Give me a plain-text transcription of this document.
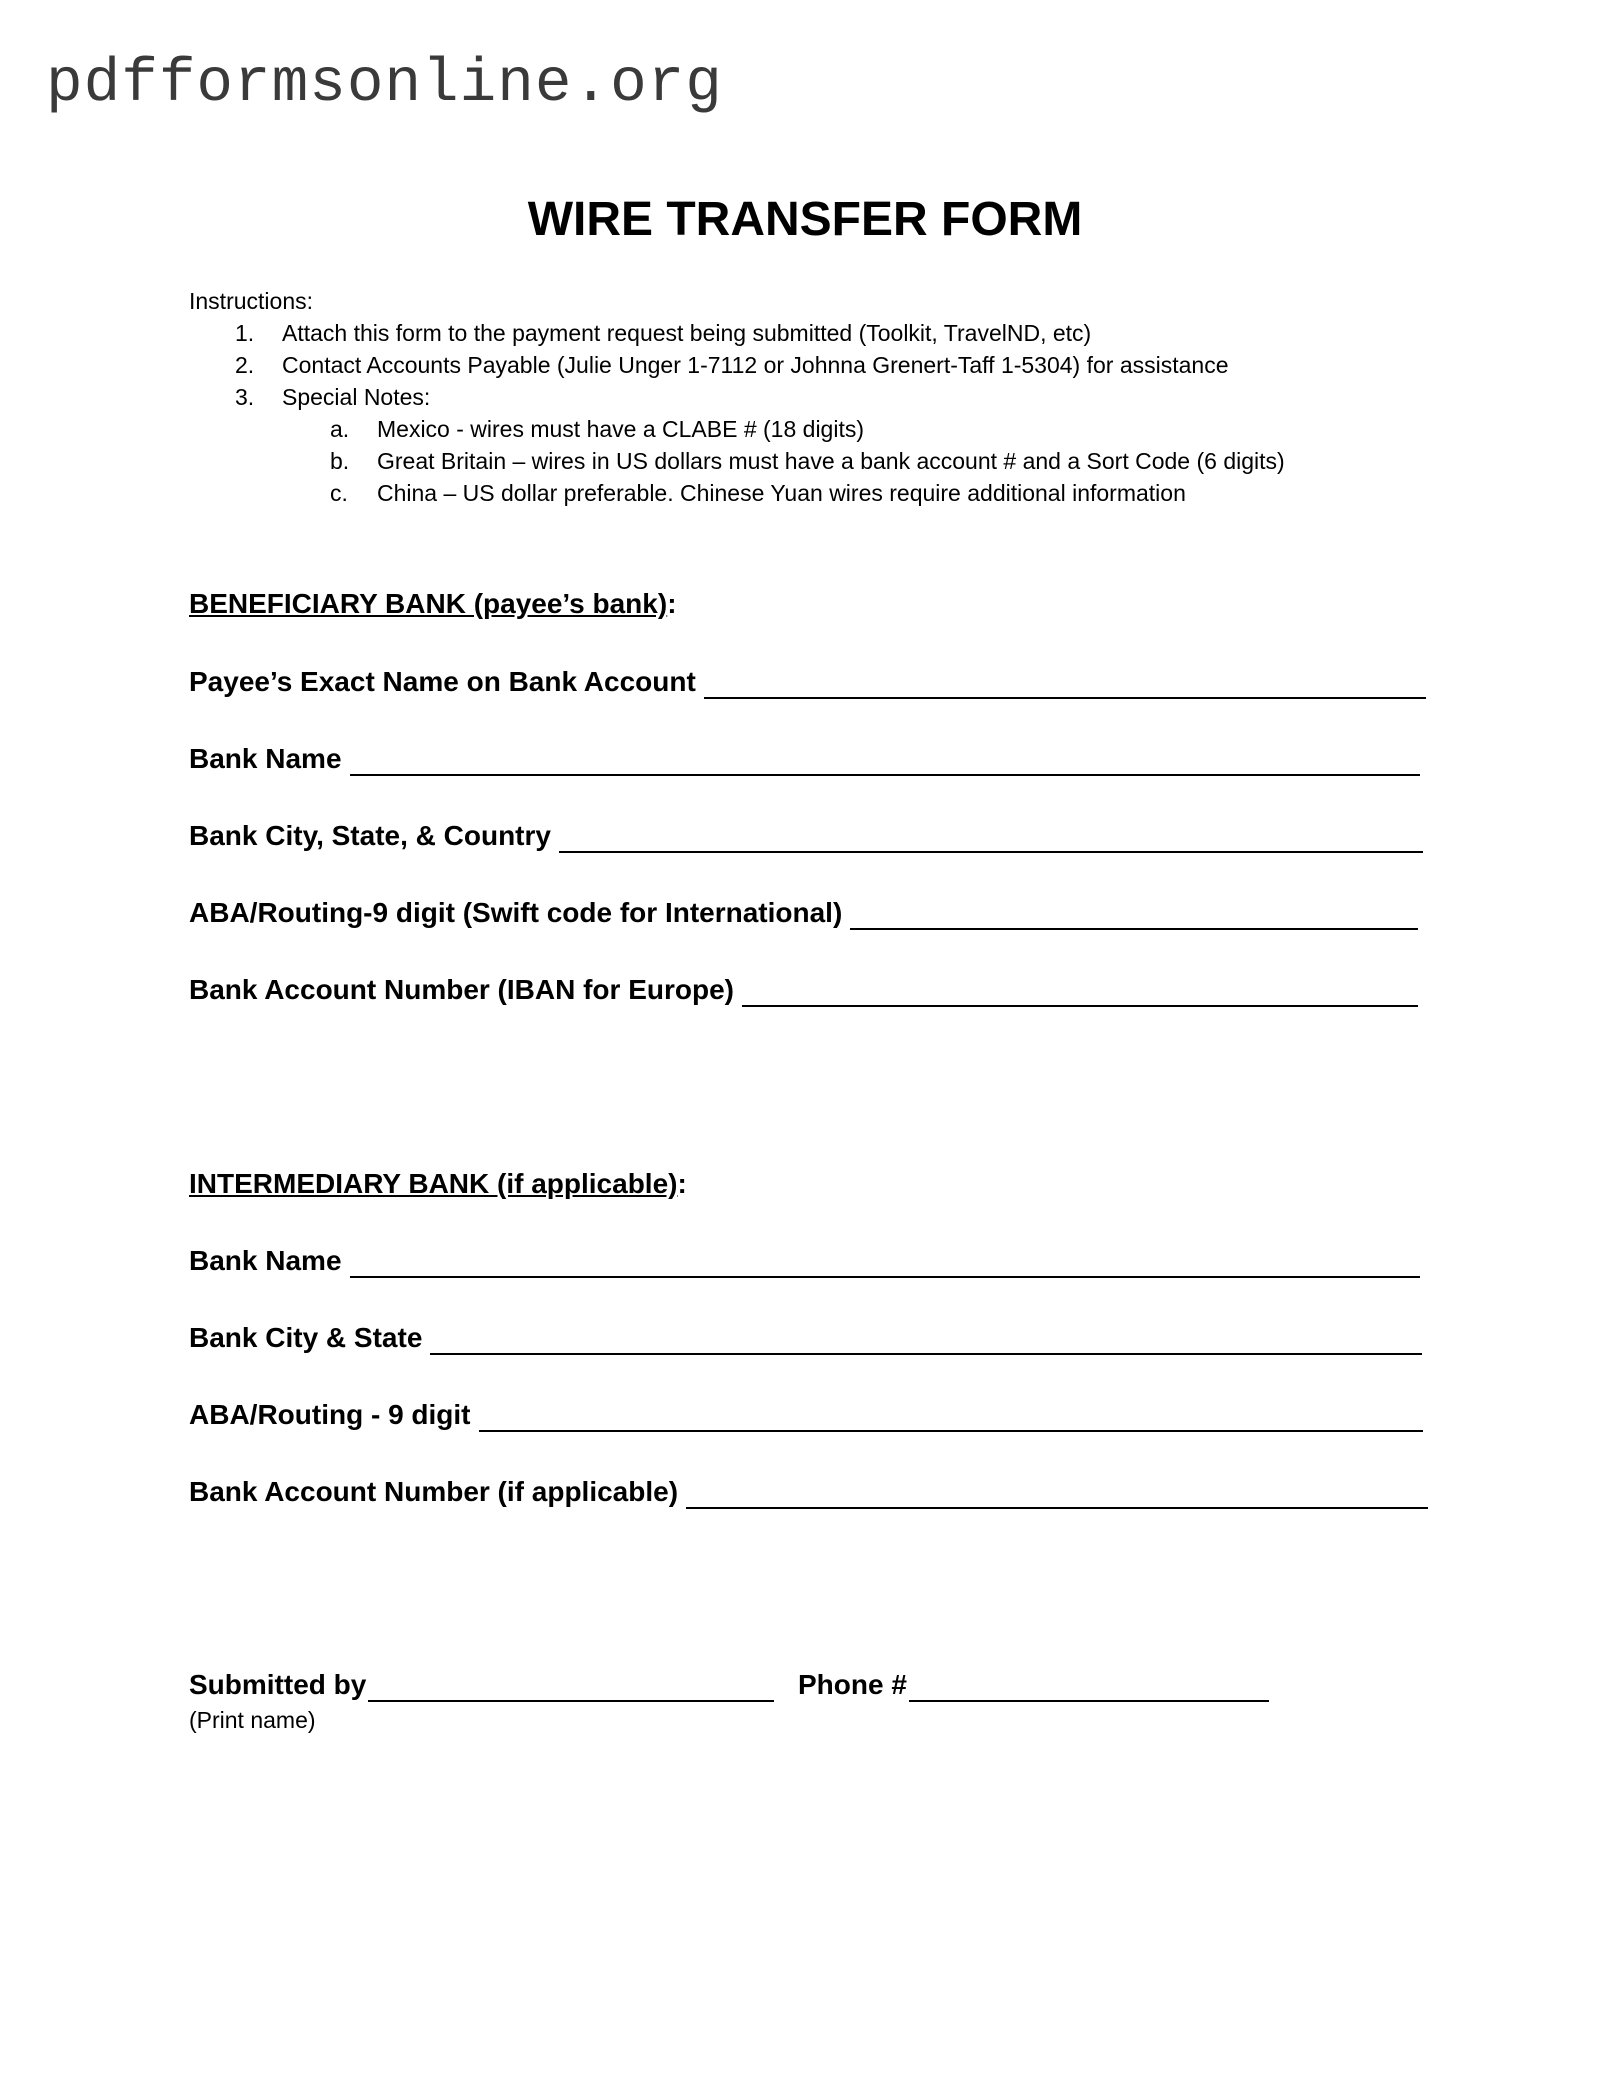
pdfformsonline.org
WIRE TRANSFER FORM
Instructions:
1. Attach this form to the payment request being submitted (Toolkit, TravelND, etc)
2. Contact Accounts Payable (Julie Unger 1-7112 or Johnna Grenert-Taff 1-5304) for assistance
3. Special Notes:
a. Mexico - wires must have a CLABE # (18 digits)
b. Great Britain – wires in US dollars must have a bank account # and a Sort Code (6 digits)
c. China – US dollar preferable. Chinese Yuan wires require additional information
BENEFICIARY BANK (payee’s bank):
Payee’s Exact Name on Bank Account
Bank Name
Bank City, State, & Country
ABA/Routing-9 digit (Swift code for International)
Bank Account Number (IBAN for Europe)
INTERMEDIARY BANK (if applicable):
Bank Name
Bank City & State
ABA/Routing - 9 digit
Bank Account Number (if applicable)
Submitted by	Phone #
(Print name)
